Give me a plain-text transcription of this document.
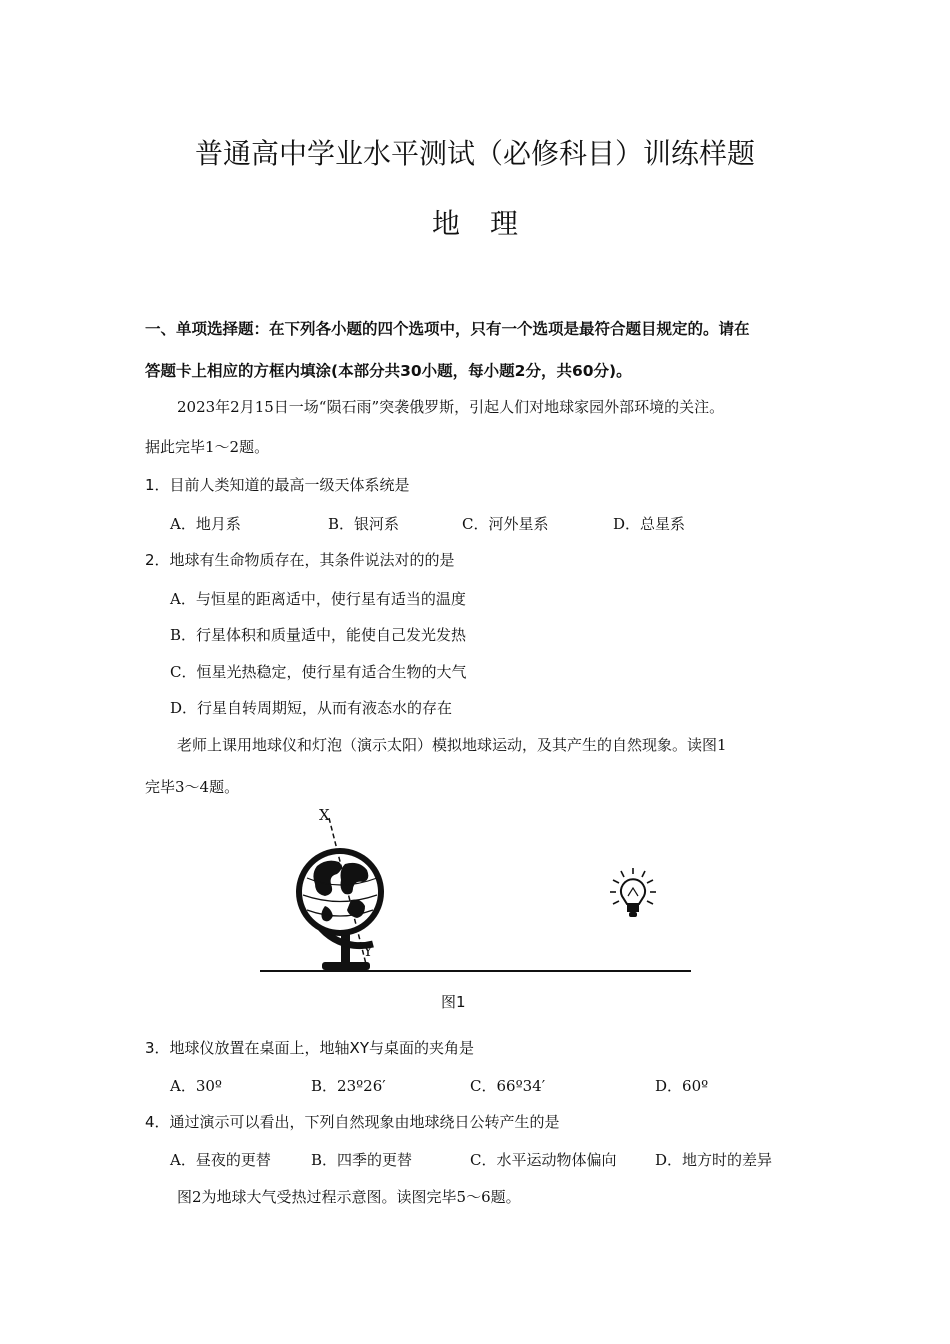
普通高中学业水平测试（必修科目）训练样题
地理
一、单项选择题：在下列各小题的四个选项中，只有一个选项是最符合题目规定的。请在
答题卡上相应的方框内填涂(本部分共30小题，每小题2分，共60分)。
2023年2月15日一场“陨石雨”突袭俄罗斯，引起人们对地球家园外部环境的关注。
据此完毕1～2题。
1．目前人类知道的最高一级天体系统是
A．地月系	B．银河系	C．河外星系	D．总星系
2．地球有生命物质存在，其条件说法对的的是
A．与恒星的距离适中，使行星有适当的温度
B．行星体积和质量适中，能使自己发光发热
C．恒星光热稳定，使行星有适合生物的大气
D．行星自转周期短，从而有液态水的存在
老师上课用地球仪和灯泡（演示太阳）模拟地球运动，及其产生的自然现象。读图1
完毕3～4题。
X
Y
图1
3．地球仪放置在桌面上，地轴XY与桌面的夹角是
A．30º	B．23º26′	C．66º34′	D．60º
4．通过演示可以看出，下列自然现象由地球绕日公转产生的是
A．昼夜的更替	B．四季的更替	C．水平运动物体偏向	D．地方时的差异
图2为地球大气受热过程示意图。读图完毕5～6题。
